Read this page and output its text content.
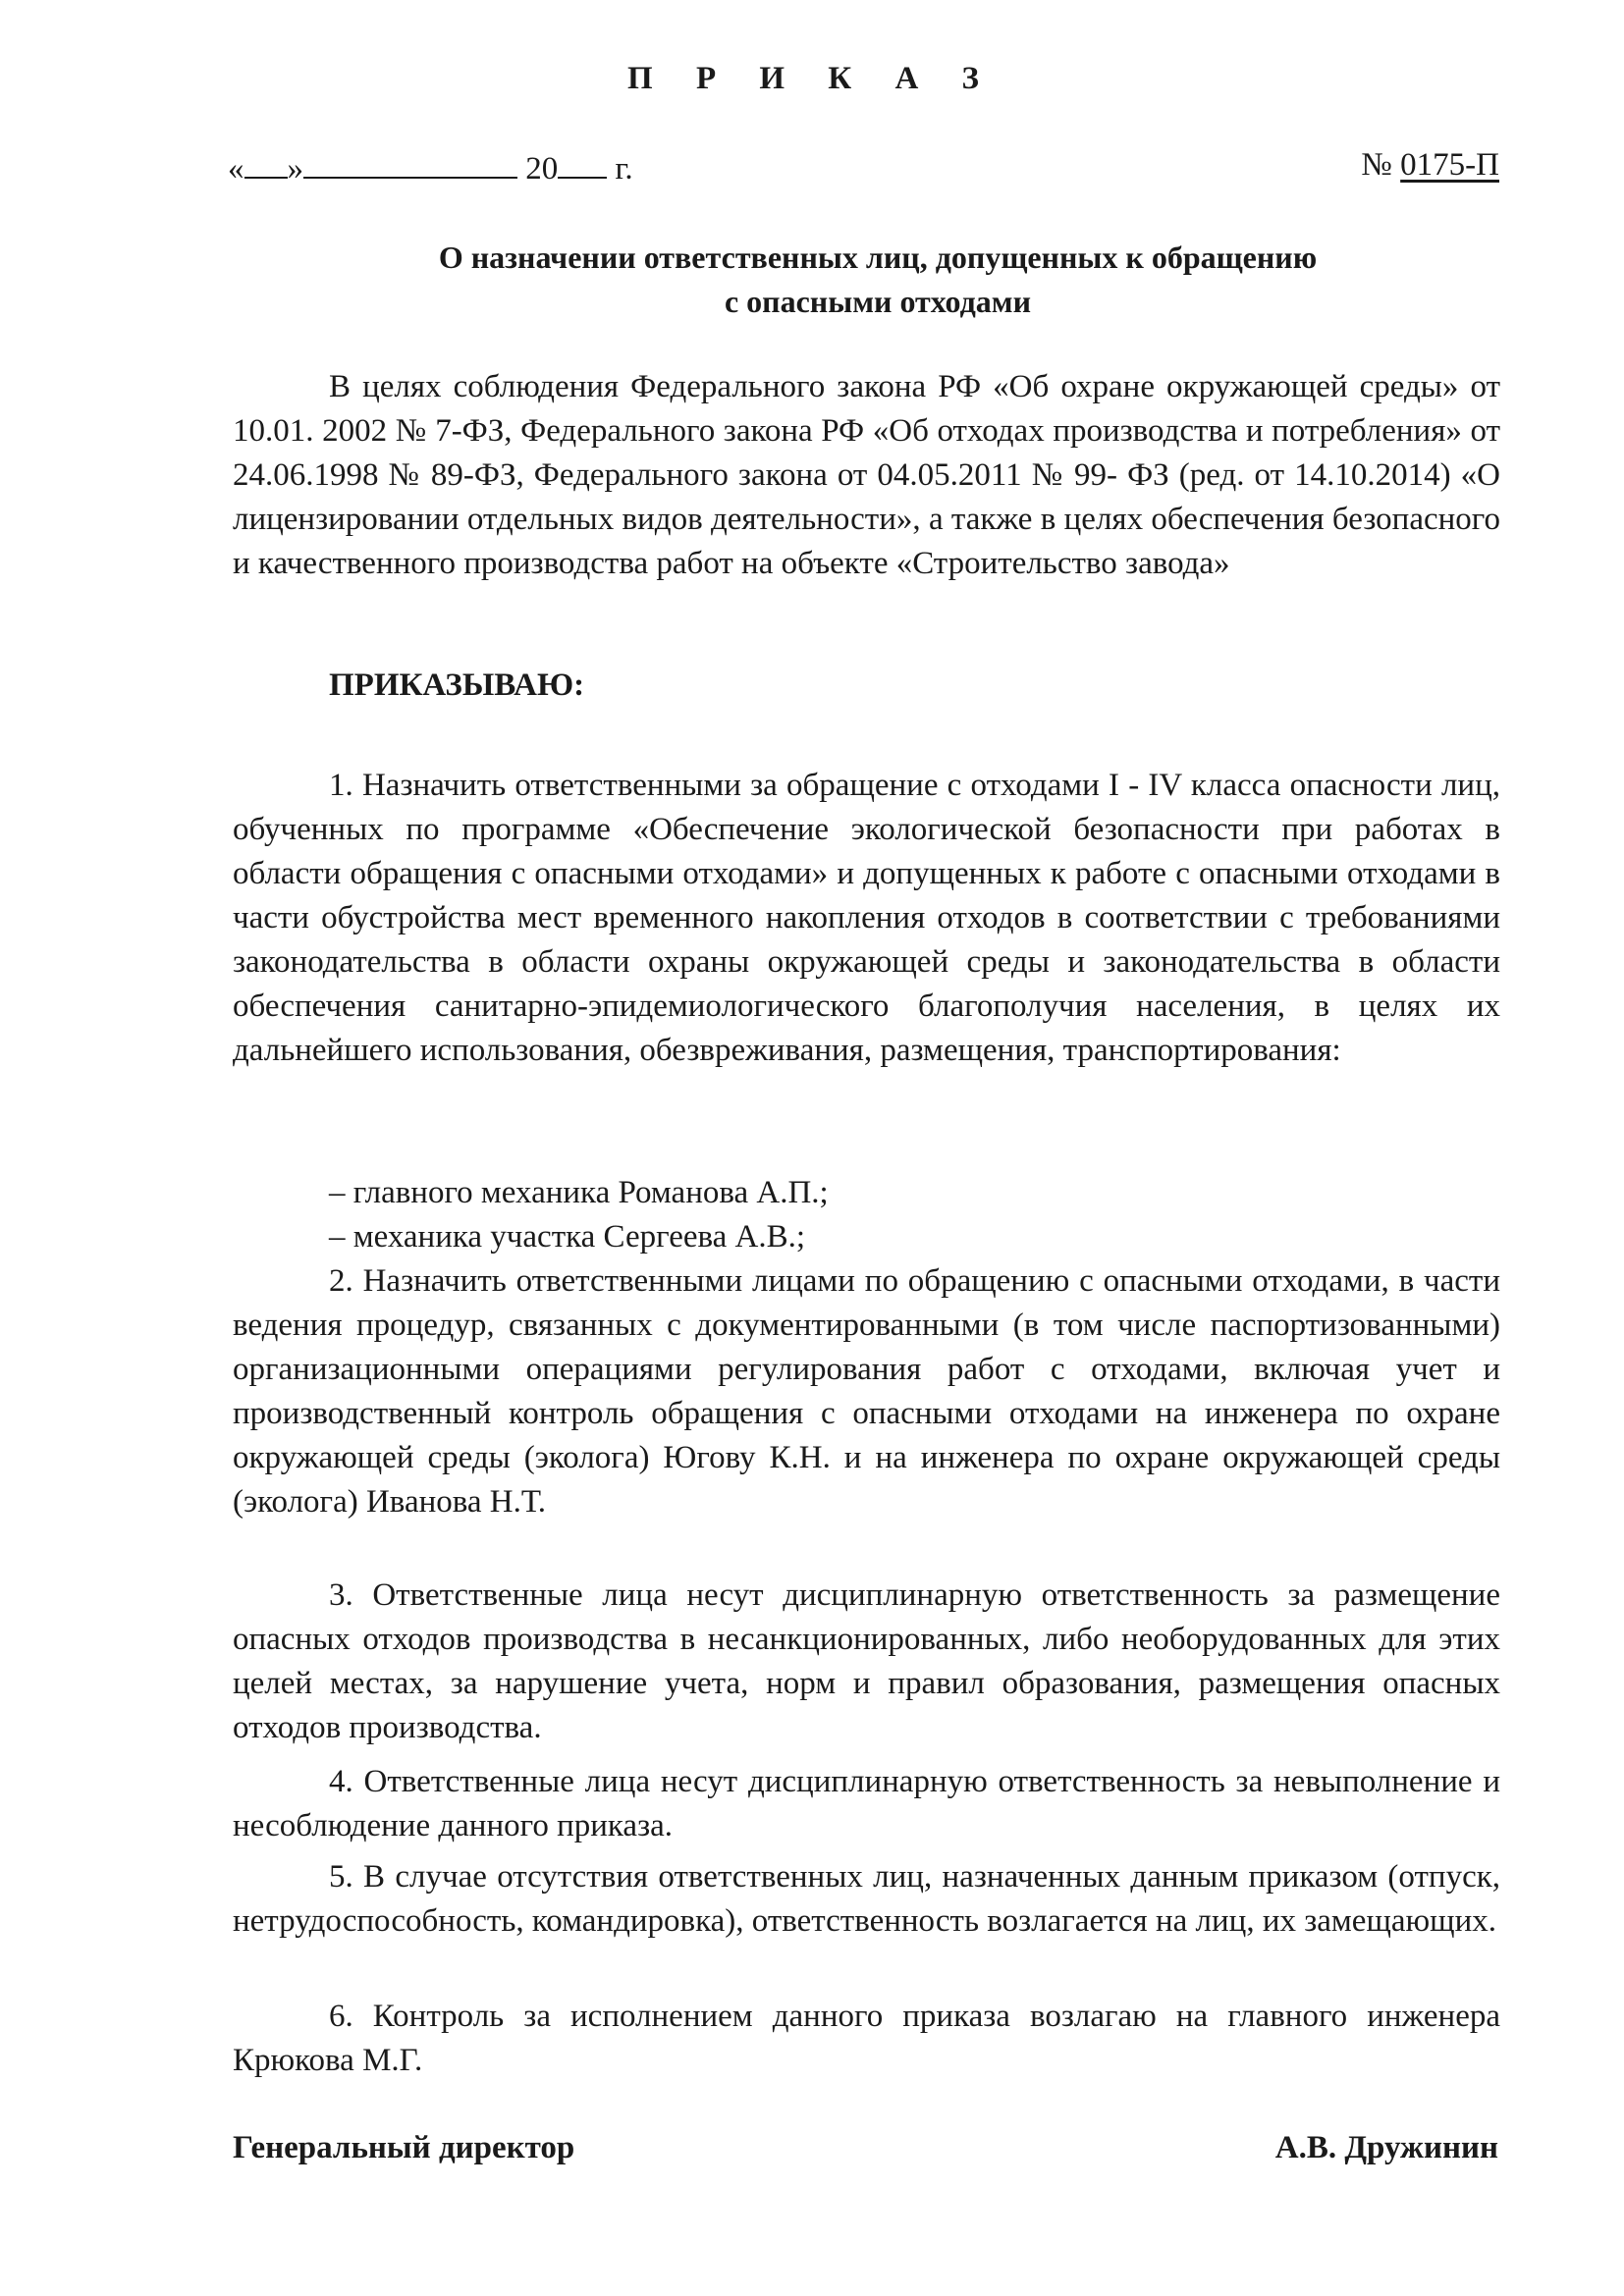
П Р И К А З
« »	20 г.	№ 0175-П
О назначении ответственных лиц, допущенных к обращению
с опасными отходами

В целях соблюдения Федерального закона РФ «Об охране окружающей среды» от 10.01. 2002 № 7-ФЗ, Федерального закона РФ «Об отходах производства и потребления» от 24.06.1998 № 89-ФЗ, Федерального закона от 04.05.2011 № 99- ФЗ (ред. от 14.10.2014) «О лицензировании отдельных видов деятельности», а также в целях обеспечения безопасного и качественного производства работ на объекте «Строительство завода»

ПРИКАЗЫВАЮ:

1. Назначить ответственными за обращение с отходами I - IV класса опасности лиц, обученных по программе «Обеспечение экологической безопасности при работах в области обращения с опасными отходами» и допущенных к работе с опасными отходами в части обустройства мест временного накопления отходов в соответствии с требованиями законодательства в области охраны окружающей среды и законодательства в области обеспечения санитарно-эпидемиологического благополучия населения, в целях их дальнейшего использования, обезвреживания, размещения, транспортирования:

– главного механика Романова А.П.;

– механика участка Сергеева А.В.;

2. Назначить ответственными лицами по обращению с опасными отходами, в части ведения процедур, связанных с документированными (в том числе паспортизованными) организационными операциями регулирования работ с отходами, включая учет и производственный контроль обращения с опасными отходами на инженера по охране окружающей среды (эколога) Югову К.Н. и на инженера по охране окружающей среды (эколога) Иванова Н.Т.

3. Ответственные лица несут дисциплинарную ответственность за размещение опасных отходов производства в несанкционированных, либо необорудованных для этих целей местах, за нарушение учета, норм и правил образования, размещения опасных отходов производства.

4. Ответственные лица несут дисциплинарную ответственность за невыполнение и несоблюдение данного приказа.

5. В случае отсутствия ответственных лиц, назначенных данным приказом (отпуск, нетрудоспособность, командировка), ответственность возлагается на лиц, их замещающих.

6. Контроль за исполнением данного приказа возлагаю на главного инженера Крюкова М.Г.

Генеральный директор	А.В. Дружинин
